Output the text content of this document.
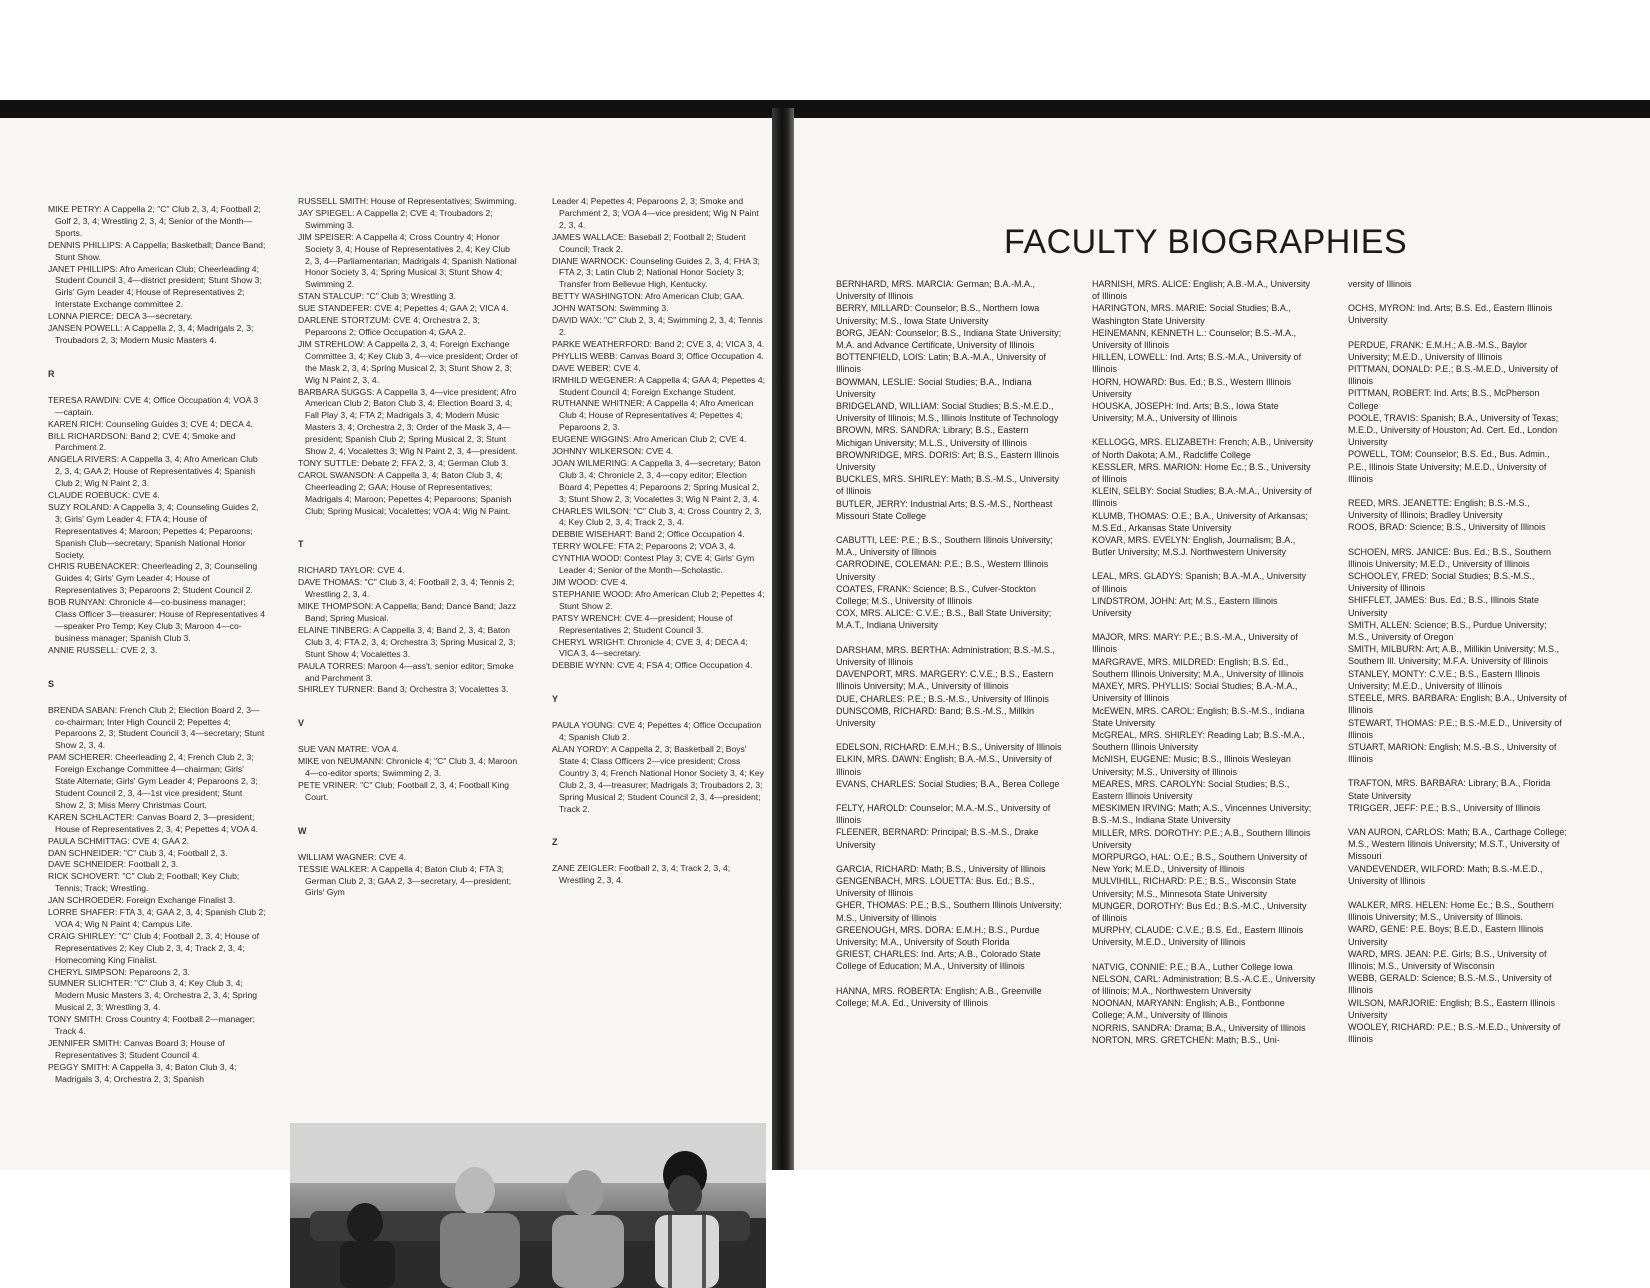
MIKE PETRY: A Cappella 2; "C" Club 2, 3, 4; Football 2; Golf 2, 3, 4; Wrestling 2, 3, 4; Senior of the Month—Sports.

DENNIS PHILLIPS: A Cappella; Basketball; Dance Band; Stunt Show.

JANET PHILLIPS: Afro American Club; Cheerleading 4; Student Council 3, 4—district president; Stunt Show 3; Girls' Gym Leader 4; House of Representatives 2; Interstate Exchange committee 2.

LONNA PIERCE: DECA 3—secretary.

JANSEN POWELL: A Cappella 2, 3, 4; Madrigals 2, 3; Troubadors 2, 3; Modern Music Masters 4.

R

TERESA RAWDIN: CVE 4; Office Occupation 4; VOA 3—captain.

KAREN RICH: Counseling Guides 3; CVE 4; DECA 4.

BILL RICHARDSON: Band 2; CVE 4; Smoke and Parchment 2.

ANGELA RIVERS: A Cappella 3, 4; Afro American Club 2, 3, 4; GAA 2; House of Representatives 4; Spanish Club 2; Wig N Paint 2, 3.

CLAUDE ROEBUCK: CVE 4.

SUZY ROLAND: A Cappella 3, 4; Counseling Guides 2, 3; Girls' Gym Leader 4; FTA 4; House of Representatives 4; Maroon; Pepettes 4; Peparoons; Spanish Club—secretary; Spanish National Honor Society.

CHRIS RUBENACKER: Cheerleading 2, 3; Counseling Guides 4; Girls' Gym Leader 4; House of Representatives 3; Peparoons 2; Student Council 2.

BOB RUNYAN: Chronicle 4—co-business manager; Class Officer 3—treasurer; House of Representatives 4—speaker Pro Temp; Key Club 3; Maroon 4—co-business manager; Spanish Club 3.

ANNIE RUSSELL: CVE 2, 3.

S

BRENDA SABAN: French Club 2; Election Board 2, 3—co-chairman; Inter High Council 2; Pepettes 4; Peparoons 2, 3; Student Council 3, 4—secretary; Stunt Show 2, 3, 4.

PAM SCHERER: Cheerleading 2, 4; French Club 2, 3; Foreign Exchange Committee 4—chairman; Girls' State Alternate; Girls' Gym Leader 4; Peparoons 2, 3; Student Council 2, 3, 4—1st vice president; Stunt Show 2, 3; Miss Merry Christmas Court.

KAREN SCHLACTER: Canvas Board 2, 3—president; House of Representatives 2, 3, 4; Pepettes 4; VOA 4.

PAULA SCHMITTAG: CVE 4; GAA 2.

DAN SCHNEIDER: "C" Club 3, 4; Football 2, 3.

DAVE SCHNEIDER: Football 2, 3.

RICK SCHOVERT: "C" Club 2; Football; Key Club; Tennis; Track; Wrestling.

JAN SCHROEDER: Foreign Exchange Finalist 3.

LORRE SHAFER: FTA 3, 4; GAA 2, 3, 4; Spanish Club 2; VOA 4; Wig N Paint 4; Campus Life.

CRAIG SHIRLEY: "C" Club 4; Football 2, 3, 4; House of Representatives 2; Key Club 2, 3, 4; Track 2, 3, 4; Homecoming King Finalist.

CHERYL SIMPSON: Peparoons 2, 3.

SUMNER SLICHTER: "C" Club 3, 4; Key Club 3, 4; Modern Music Masters 3, 4; Orchestra 2, 3, 4; Spring Musical 2, 3; Wrestling 3, 4.

TONY SMITH: Cross Country 4; Football 2—manager; Track 4.

JENNIFER SMITH: Canvas Board 3; House of Representatives 3; Student Council 4.

PEGGY SMITH: A Cappella 3, 4; Baton Club 3, 4; Madrigals 3, 4; Orchestra 2, 3; Spanish

RUSSELL SMITH: House of Representatives; Swimming.

JAY SPIEGEL: A Cappella 2; CVE 4; Troubadors 2; Swimming 3.

JIM SPEISER: A Cappella 4; Cross Country 4; Honor Society 3, 4; House of Representatives 2, 4; Key Club 2, 3, 4—Parliamentarian; Madrigals 4; Spanish National Honor Society 3, 4; Spring Musical 3; Stunt Show 4; Swimming 2.

STAN STALCUP: "C" Club 3; Wrestling 3.

SUE STANDEFER: CVE 4; Pepettes 4; GAA 2; VICA 4.

DARLENE STORTZUM: CVE 4; Orchestra 2, 3; Peparoons 2; Office Occupation 4; GAA 2.

JIM STREHLOW: A Cappella 2, 3, 4; Foreign Exchange Committee 3, 4; Key Club 3, 4—vice president; Order of the Mask 2, 3, 4; Spring Musical 2, 3; Stunt Show 2, 3; Wig N Paint 2, 3, 4.

BARBARA SUGGS: A Cappella 3, 4—vice president; Afro American Club 2; Baton Club 3, 4; Election Board 3, 4; Fall Play 3, 4; FTA 2; Madrigals 3, 4; Modern Music Masters 3, 4; Orchestra 2, 3; Order of the Mask 3, 4—president; Spanish Club 2; Spring Musical 2, 3; Stunt Show 2, 4; Vocalettes 3; Wig N Paint 2, 3, 4—president.

TONY SUTTLE: Debate 2; FFA 2, 3, 4; German Club 3.

CAROL SWANSON: A Cappella 3, 4; Baton Club 3, 4; Cheerleading 2; GAA; House of Representatives; Madrigals 4; Maroon; Pepettes 4; Peparoons; Spanish Club; Spring Musical; Vocalettes; VOA 4; Wig N Paint.

T

RICHARD TAYLOR: CVE 4.

DAVE THOMAS: "C" Club 3, 4; Football 2, 3, 4; Tennis 2; Wrestling 2, 3, 4.

MIKE THOMPSON: A Cappella; Band; Dance Band; Jazz Band; Spring Musical.

ELAINE TINBERG: A Cappella 3, 4; Band 2, 3, 4; Baton Club 3, 4; FTA 2, 3, 4; Orchestra 3; Spring Musical 2, 3; Stunt Show 4; Vocalettes 3.

PAULA TORRES: Maroon 4—ass't. senior editor; Smoke and Parchment 3.

SHIRLEY TURNER: Band 3; Orchestra 3; Vocalettes 3.

V

SUE VAN MATRE: VOA 4.

MIKE von NEUMANN: Chronicle 4; "C" Club 3, 4; Maroon 4—co-editor sports; Swimming 2, 3.

PETE VRINER: "C" Club; Football 2, 3, 4; Football King Court.

W

WILLIAM WAGNER: CVE 4.

TESSIE WALKER: A Cappella 4; Baton Club 4; FTA 3; German Club 2, 3; GAA 2, 3—secretary, 4—president; Girls' Gym

Leader 4; Pepettes 4; Peparoons 2, 3; Smoke and Parchment 2, 3; VOA 4—vice president; Wig N Paint 2, 3, 4.

JAMES WALLACE: Baseball 2; Football 2; Student Council; Track 2.

DIANE WARNOCK: Counseling Guides 2, 3, 4; FHA 3; FTA 2, 3; Latin Club 2; National Honor Society 3; Transfer from Bellevue High, Kentucky.

BETTY WASHINGTON: Afro American Club; GAA.

JOHN WATSON: Swimming 3.

DAVID WAX: "C" Club 2, 3, 4; Swimming 2, 3, 4; Tennis 2.

PARKE WEATHERFORD: Band 2; CVE 3, 4; VICA 3, 4.

PHYLLIS WEBB: Canvas Board 3; Office Occupation 4.

DAVE WEBER: CVE 4.

IRMHILD WEGENER: A Cappella 4; GAA 4; Pepettes 4; Student Council 4; Foreign Exchange Student.

RUTHANNE WHITNER: A Cappella 4; Afro American Club 4; House of Representatives 4; Pepettes 4; Peparoons 2, 3.

EUGENE WIGGINS: Afro American Club 2; CVE 4.

JOHNNY WILKERSON: CVE 4.

JOAN WILMERING: A Cappella 3, 4—secretary; Baton Club 3, 4; Chronicle 2, 3, 4—copy editor; Election Board 4; Pepettes 4; Peparoons 2; Spring Musical 2, 3; Stunt Show 2, 3; Vocalettes 3; Wig N Paint 2, 3, 4.

CHARLES WILSON: "C" Club 3, 4; Cross Country 2, 3, 4; Key Club 2, 3, 4; Track 2, 3, 4.

DEBBIE WISEHART: Band 2; Office Occupation 4.

TERRY WOLFE: FTA 2; Peparoons 2; VOA 3, 4.

CYNTHIA WOOD: Contest Play 3; CVE 4; Girls' Gym Leader 4; Senior of the Month—Scholastic.

JIM WOOD: CVE 4.

STEPHANIE WOOD: Afro American Club 2; Pepettes 4; Stunt Show 2.

PATSY WRENCH: CVE 4—president; House of Representatives 2; Student Council 3.

CHERYL WRIGHT: Chronicle 4; CVE 3, 4; DECA 4; VICA 3, 4—secretary.

DEBBIE WYNN: CVE 4; FSA 4; Office Occupation 4.

Y

PAULA YOUNG: CVE 4; Pepettes 4; Office Occupation 4; Spanish Club 2.

ALAN YORDY: A Cappella 2, 3; Basketball 2; Boys' State 4; Class Officers 2—vice president; Cross Country 3, 4; French National Honor Society 3, 4; Key Club 2, 3, 4—treasurer; Madrigals 3; Troubadors 2, 3; Spring Musical 2; Student Council 2, 3, 4—president; Track 2.

Z

ZANE ZEIGLER: Football 2, 3, 4; Track 2, 3, 4; Wrestling 2, 3, 4.

FACULTY BIOGRAPHIES

BERNHARD, MRS. MARCIA: German; B.A.-M.A., University of Illinois

BERRY, MILLARD: Counselor; B.S., Northern Iowa University; M.S., Iowa State University

BORG, JEAN: Counselor; B.S., Indiana State University; M.A. and Advance Certificate, University of Illinois

BOTTENFIELD, LOIS: Latin; B.A.-M.A., University of Illinois

BOWMAN, LESLIE: Social Studies; B.A., Indiana University

BRIDGELAND, WILLIAM: Social Studies; B.S.-M.E.D., University of Illinois; M.S., Illinois Institute of Technology

BROWN, MRS. SANDRA: Library; B.S., Eastern Michigan University; M.L.S., University of Illinois

BROWNRIDGE, MRS. DORIS: Art; B.S., Eastern Illinois University

BUCKLES, MRS. SHIRLEY: Math; B.S.-M.S., University of Illinois

BUTLER, JERRY: Industrial Arts; B.S.-M.S., Northeast Missouri State College

CABUTTI, LEE: P.E.; B.S., Southern Illinois University; M.A., University of Illinois

CARRODINE, COLEMAN: P.E.; B.S., Western Illinois University

COATES, FRANK: Science; B.S., Culver-Stockton College; M.S., University of Illinois

COX, MRS. ALICE: C.V.E.; B.S., Ball State University; M.A.T., Indiana University

DARSHAM, MRS. BERTHA: Administration; B.S.-M.S., University of Illinois

DAVENPORT, MRS. MARGERY: C.V.E.; B.S., Eastern Illinois University; M.A., University of Illinois

DUE, CHARLES: P.E.; B.S.-M.S., University of Illinois

DUNSCOMB, RICHARD: Band; B.S.-M.S., Millkin University

EDELSON, RICHARD: E.M.H.; B.S., University of Illinois

ELKIN, MRS. DAWN: English; B.A.-M.S., University of Illinois

EVANS, CHARLES: Social Studies; B.A., Berea College

FELTY, HAROLD: Counselor; M.A.-M.S., University of Illinois

FLEENER, BERNARD: Principal; B.S.-M.S., Drake University

GARCIA, RICHARD: Math; B.S., University of Illinois

GENGENBACH, MRS. LOUETTA: Bus. Ed.; B.S., University of Illinois

GHER, THOMAS: P.E.; B.S., Southern Illinois University; M.S., University of Illinois

GREENOUGH, MRS. DORA: E.M.H.; B.S., Purdue University; M.A., University of South Florida

GRIEST, CHARLES: Ind. Arts; A.B., Colorado State College of Education; M.A., University of Illinois

HANNA, MRS. ROBERTA: English; A.B., Greenville College; M.A. Ed., University of Illinois

HARNISH, MRS. ALICE: English; A.B.-M.A., University of Illinois

HARINGTON, MRS. MARIE: Social Studies; B.A., Washington State University

HEINEMANN, KENNETH L.: Counselor; B.S.-M.A., University of Illinois

HILLEN, LOWELL: Ind. Arts; B.S.-M.A., University of Illinois

HORN, HOWARD: Bus. Ed.; B.S., Western Illinois University

HOUSKA, JOSEPH: Ind. Arts; B.S., Iowa State University; M.A., University of Illinois

KELLOGG, MRS. ELIZABETH: French; A.B., University of North Dakota; A.M., Radcliffe College

KESSLER, MRS. MARION: Home Ec.; B.S., University of Illinois

KLEIN, SELBY: Social Studies; B.A.-M.A., University of Illinois

KLUMB, THOMAS: O.E.; B.A., University of Arkansas; M.S.Ed., Arkansas State University

KOVAR, MRS. EVELYN: English, Journalism; B.A., Butler University; M.S.J. Northwestern University

LEAL, MRS. GLADYS: Spanish; B.A.-M.A., University of Illinois

LINDSTROM, JOHN: Art; M.S., Eastern Illinois University

MAJOR, MRS. MARY: P.E.; B.S.-M.A., University of Illinois

MARGRAVE, MRS. MILDRED: English; B.S. Ed., Southern Illinois University; M.A., University of Illinois

MAXEY, MRS. PHYLLIS: Social Studies; B.A.-M.A., University of Illinois

McEWEN, MRS. CAROL: English; B.S.-M.S., Indiana State University

McGREAL, MRS. SHIRLEY: Reading Lab; B.S.-M.A., Southern Illinois University

McNISH, EUGENE: Music; B.S., Illinois Wesleyan University; M.S., University of Illinois

MEARES, MRS. CAROLYN: Social Studies; B.S., Eastern Illinois University

MESKIMEN IRVING: Math; A.S., Vincennes University; B.S.-M.S., Indiana State University

MILLER, MRS. DOROTHY: P.E.; A.B., Southern Illinois University

MORPURGO, HAL: O.E.; B.S., Southern University of New York; M.E.D., University of Illinois

MULVIHILL, RICHARD: P.E.; B.S., Wisconsin State University; M.S., Minnesota State University

MUNGER, DOROTHY: Bus Ed.; B.S.-M.C., University of Illinois

MURPHY, CLAUDE: C.V.E.; B.S. Ed., Eastern Illinois University, M.E.D., University of Illinois

NATVIG, CONNIE: P.E.; B.A., Luther College Iowa

NELSON, CARL: Administration; B.S.-A.C.E., University of Illinois; M.A., Northwestern University

NOONAN, MARYANN: English; A.B., Fontbonne College; A.M., University of Illinois

NORRIS, SANDRA: Drama; B.A., University of Illinois

NORTON, MRS. GRETCHEN: Math; B.S., Uni-

versity of Illinois

OCHS, MYRON: Ind. Arts; B.S. Ed., Eastern Illinois University

PERDUE, FRANK: E.M.H.; A.B.-M.S., Baylor University; M.E.D., University of Illinois

PITTMAN, DONALD: P.E.; B.S.-M.E.D., University of Illinois

PITTMAN, ROBERT: Ind. Arts; B.S., McPherson College

POOLE, TRAVIS: Spanish; B.A., University of Texas; M.E.D., University of Houston; Ad. Cert. Ed., London University

POWELL, TOM: Counselor; B.S. Ed., Bus. Admin., P.E., Illinois State University; M.E.D., University of Illinois

REED, MRS. JEANETTE: English; B.S.-M.S., University of Illinois; Bradley University

ROOS, BRAD: Science; B.S., University of Illinois

SCHOEN, MRS. JANICE: Bus. Ed.; B.S., Southern Illinois University; M.E.D., University of Illinois

SCHOOLEY, FRED: Social Studies; B.S.-M.S., University of Illinois

SHIFFLET, JAMES: Bus. Ed.; B.S., Illinois State University

SMITH, ALLEN: Science; B.S., Purdue University; M.S., University of Oregon

SMITH, MILBURN: Art; A.B., Millikin University; M.S., Southern Ill. University; M.F.A. University of Illinois

STANLEY, MONTY: C.V.E.; B.S., Eastern Illinois University; M.E.D., University of Illinois

STEELE, MRS. BARBARA: English; B.A., University of Illinois

STEWART, THOMAS: P.E.; B.S.-M.E.D., University of Illinois

STUART, MARION: English; M.S.-B.S., University of Illinois

TRAFTON, MRS. BARBARA: Library; B.A., Florida State University

TRIGGER, JEFF: P.E.; B.S., University of Illinois

VAN AURON, CARLOS: Math; B.A., Carthage College; M.S., Western Illinois University; M.S.T., University of Missouri

VANDEVENDER, WILFORD: Math; B.S.-M.E.D., University of Illinois

WALKER, MRS. HELEN: Home Ec.; B.S., Southern Illinois University; M.S., University of Illinois.

WARD, GENE: P.E. Boys; B.E.D., Eastern Illinois University

WARD, MRS. JEAN: P.E. Girls; B.S., University of Illinois; M.S., University of Wisconsin

WEBB, GERALD: Science; B.S.-M.S., University of Illinois

WILSON, MARJORIE: English; B.S., Eastern Illinois University

WOOLEY, RICHARD: P.E.; B.S.-M.E.D., University of Illinois
